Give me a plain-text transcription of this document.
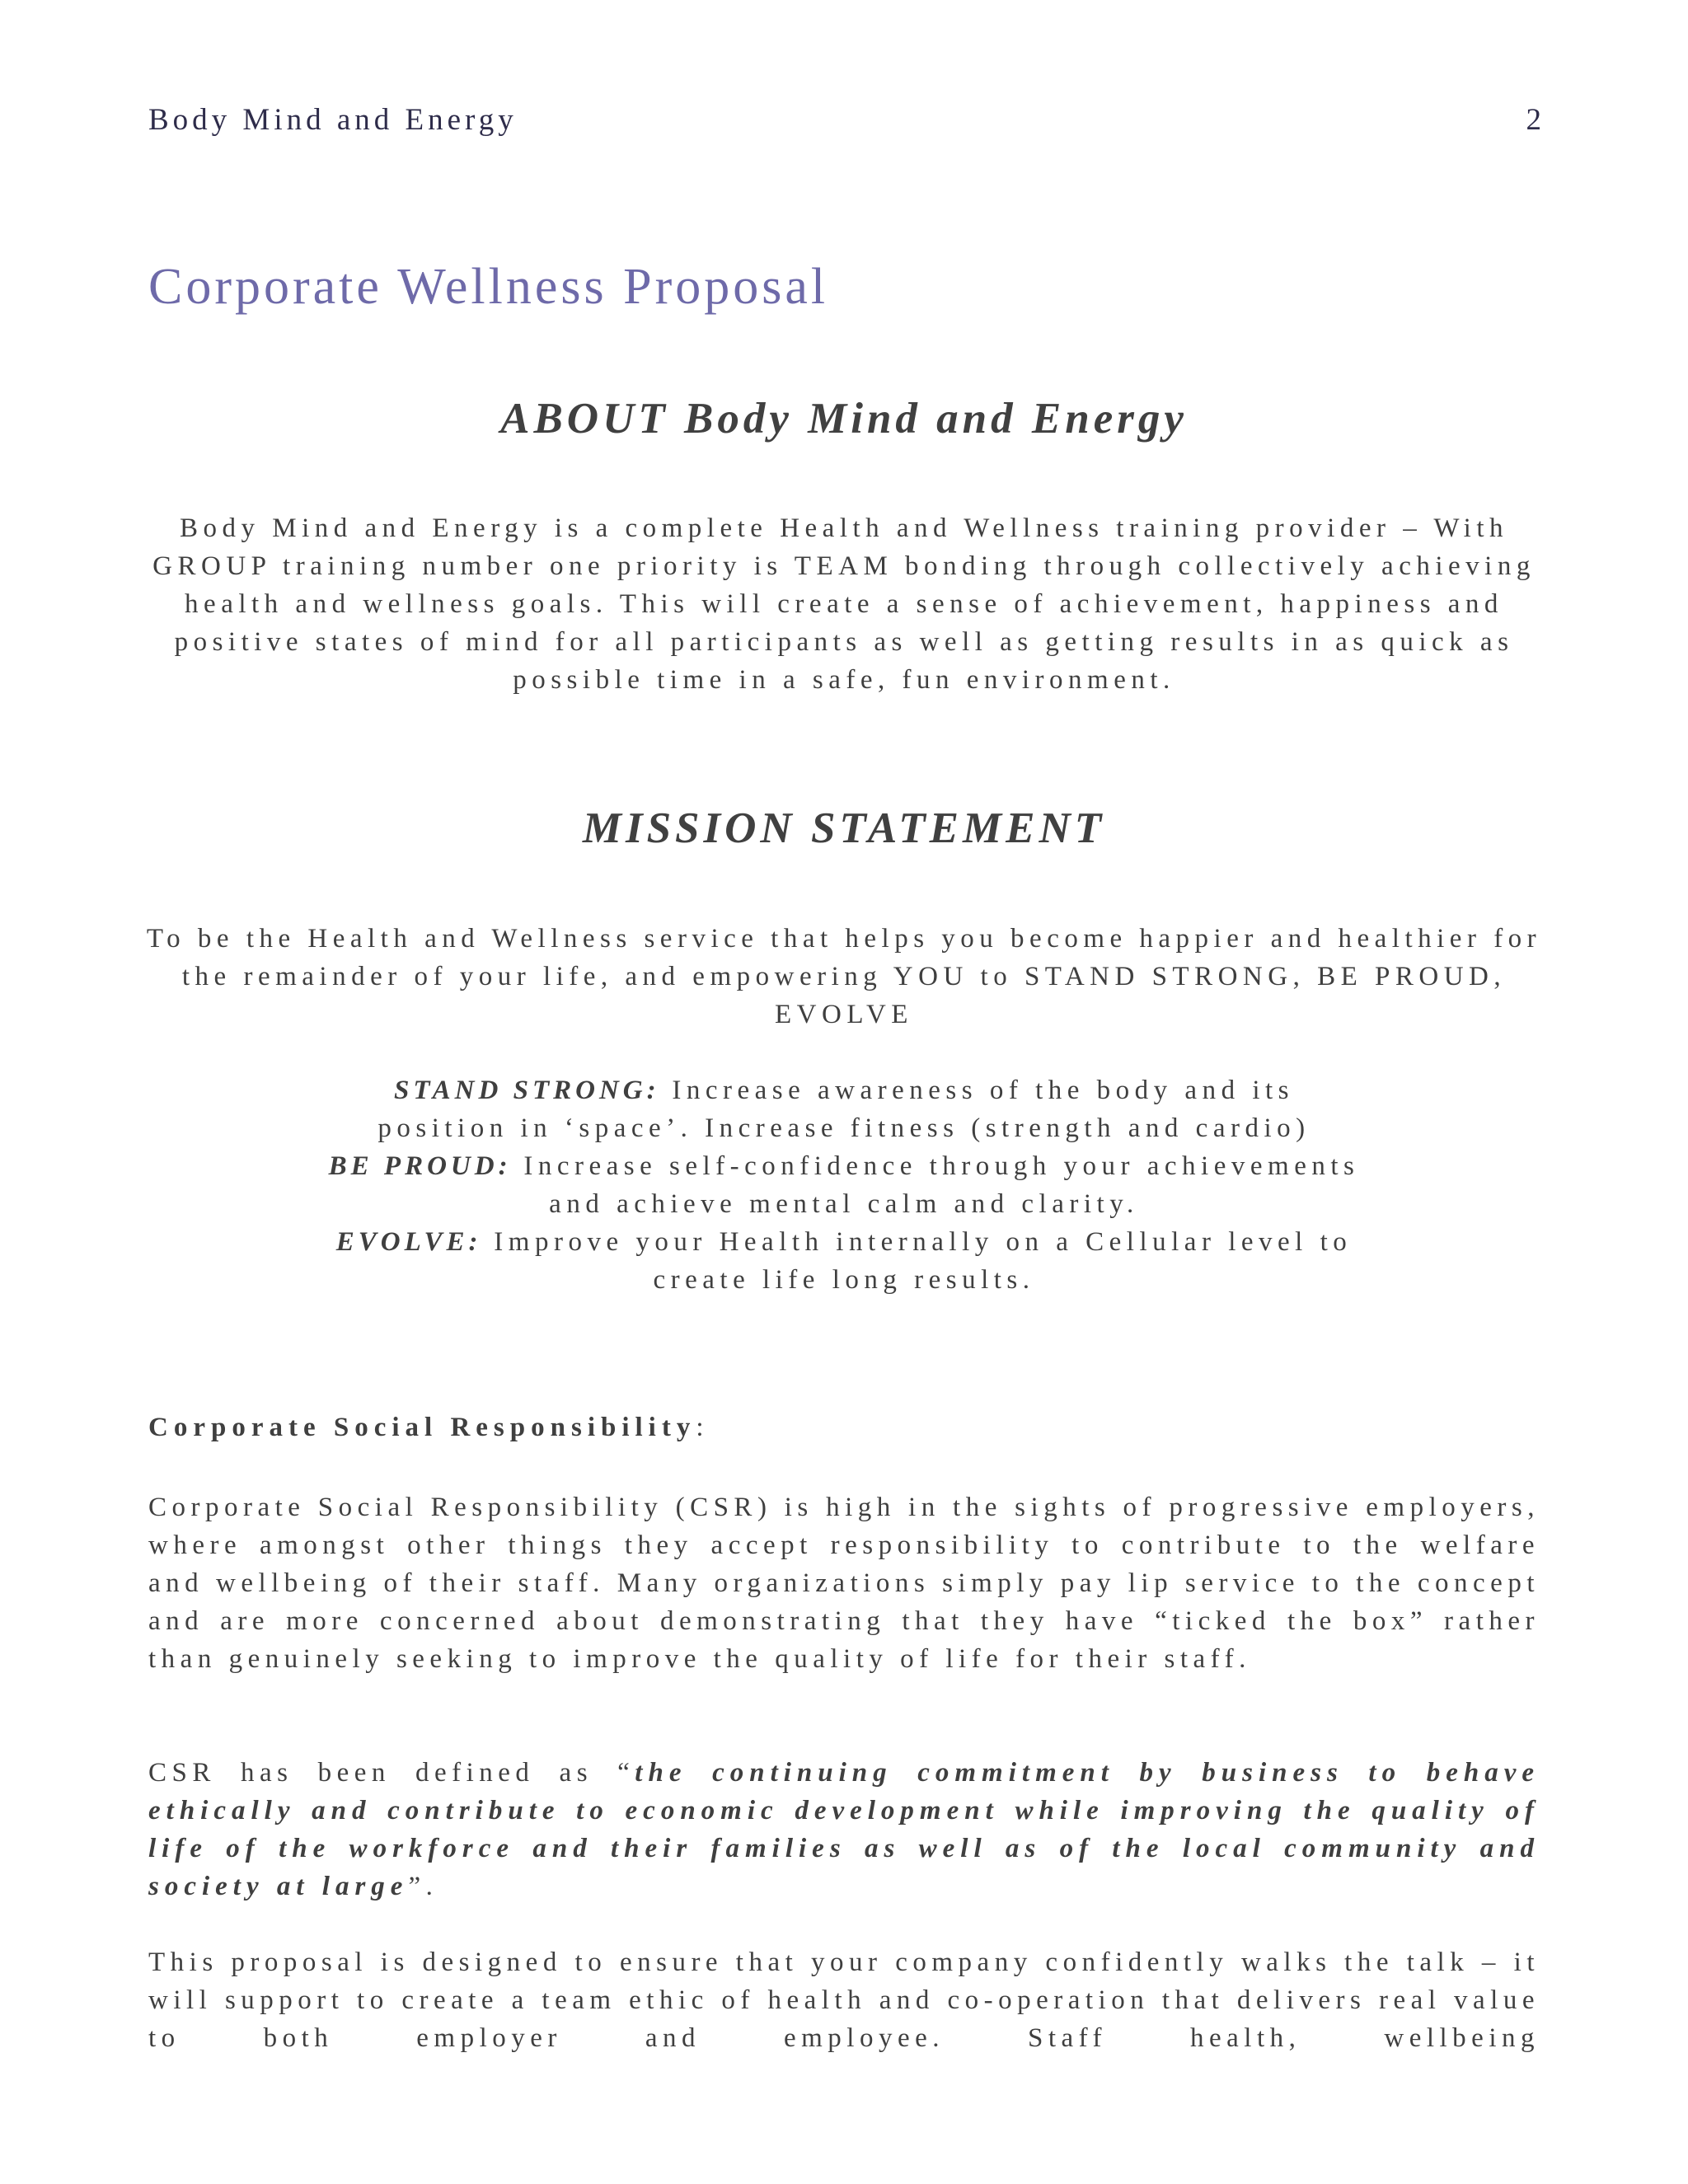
Body Mind and Energy	2
Corporate Wellness Proposal
ABOUT Body Mind and Energy
Body Mind and Energy is a complete Health and Wellness training provider – With GROUP training number one priority is TEAM bonding through collectively achieving health and wellness goals. This will create a sense of achievement, happiness and positive states of mind for all participants as well as getting results in as quick as possible time in a safe, fun environment.
MISSION STATEMENT
To be the Health and Wellness service that helps you become happier and healthier for the remainder of your life, and empowering YOU to STAND STRONG, BE PROUD, EVOLVE

STAND STRONG: Increase awareness of the body and its position in ‘space’. Increase fitness (strength and cardio)

BE PROUD: Increase self-confidence through your achievements and achieve mental calm and clarity.

EVOLVE: Improve your Health internally on a Cellular level to create life long results.

Corporate Social Responsibility:

Corporate Social Responsibility (CSR) is high in the sights of progressive employers, where amongst other things they accept responsibility to contribute to the welfare and wellbeing of their staff. Many organizations simply pay lip service to the concept and are more concerned about demonstrating that they have “ticked the box” rather than genuinely seeking to improve the quality of life for their staff.

CSR has been defined as “the continuing commitment by business to behave ethically and contribute to economic development while improving the quality of life of the workforce and their families as well as of the local community and society at large”.

This proposal is designed to ensure that your company confidently walks the talk – it will support to create a team ethic of health and co-operation that delivers real value to both employer and employee. Staff health, wellbeing
